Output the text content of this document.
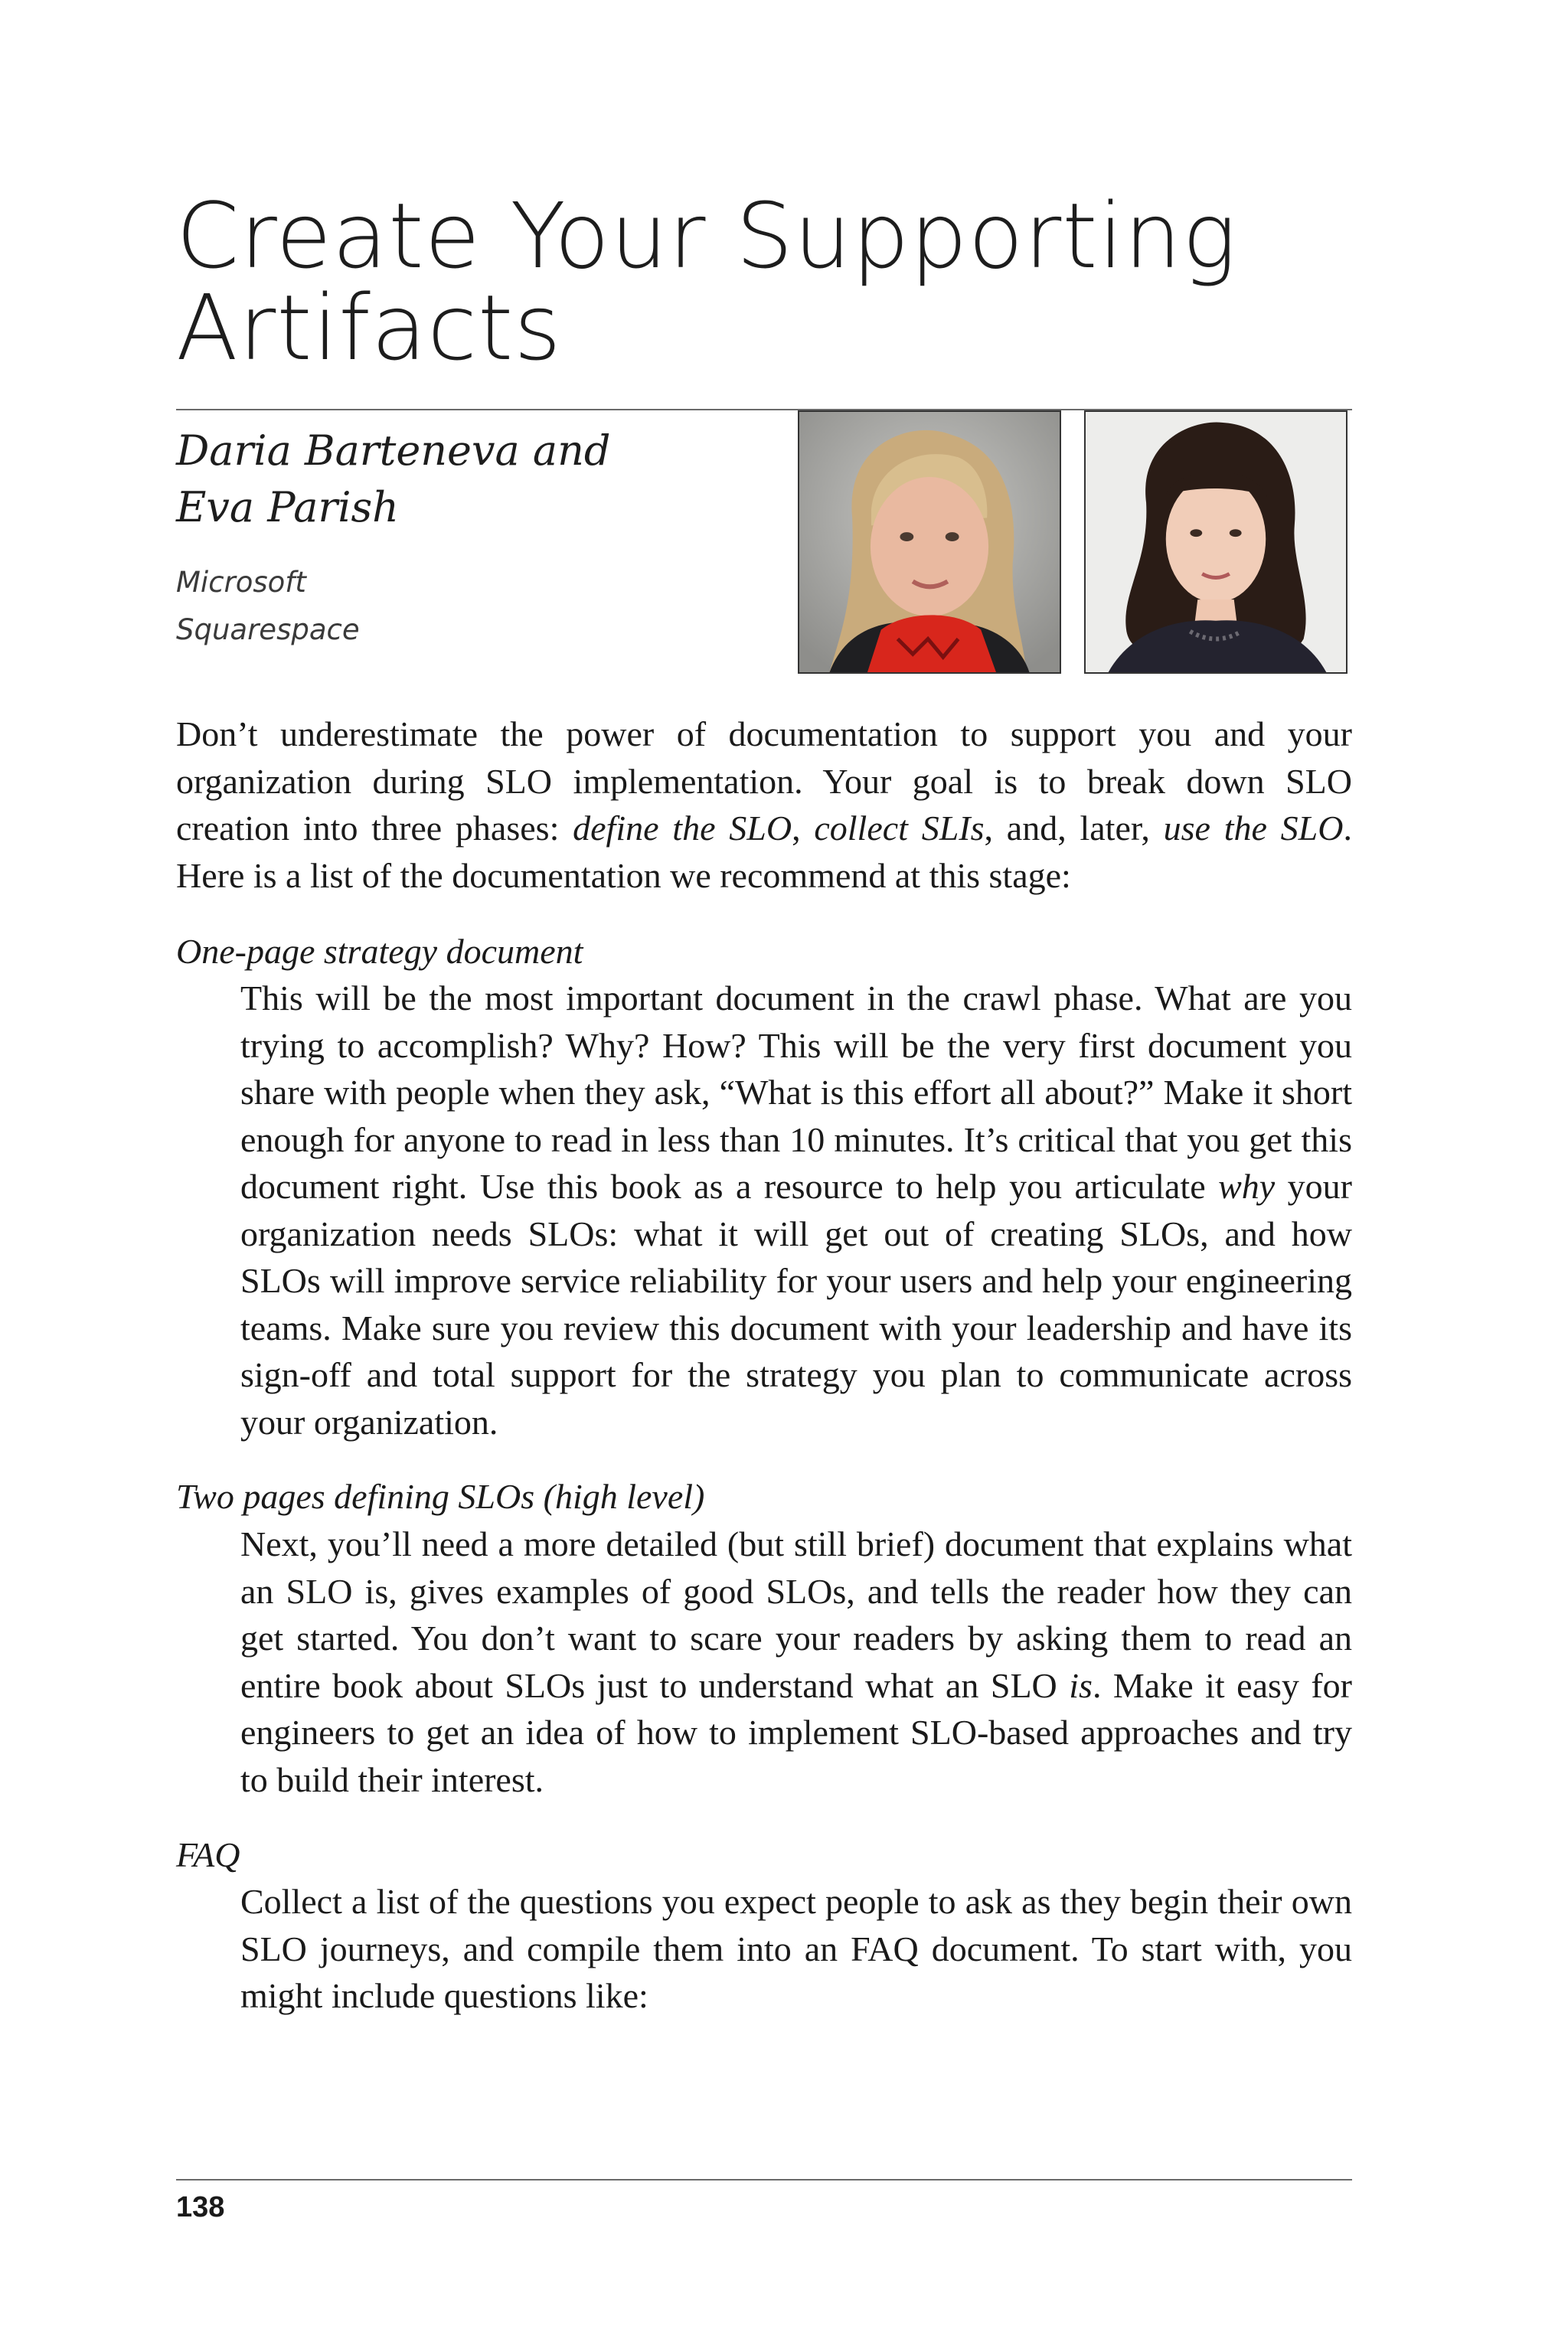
Create Your Supporting Artifacts
Daria Barteneva and
Eva Parish
Microsoft
Squarespace

Don’t underestimate the power of documentation to support you and your organization during SLO implementation. Your goal is to break down SLO creation into three phases: define the SLO, collect SLIs, and, later, use the SLO. Here is a list of the documentation we recommend at this stage:

One-page strategy document

This will be the most important document in the crawl phase. What are you trying to accomplish? Why? How? This will be the very first document you share with people when they ask, “What is this effort all about?” Make it short enough for anyone to read in less than 10 minutes. It’s critical that you get this document right. Use this book as a resource to help you articulate why your organization needs SLOs: what it will get out of creating SLOs, and how SLOs will improve service reliability for your users and help your engineering teams. Make sure you review this document with your leadership and have its sign-off and total support for the strategy you plan to communicate across your organization.

Two pages defining SLOs (high level)

Next, you’ll need a more detailed (but still brief) document that explains what an SLO is, gives examples of good SLOs, and tells the reader how they can get started. You don’t want to scare your readers by asking them to read an entire book about SLOs just to understand what an SLO is. Make it easy for engineers to get an idea of how to implement SLO-based approaches and try to build their interest.

FAQ

Collect a list of the questions you expect people to ask as they begin their own SLO journeys, and compile them into an FAQ document. To start with, you might include questions like:

138
